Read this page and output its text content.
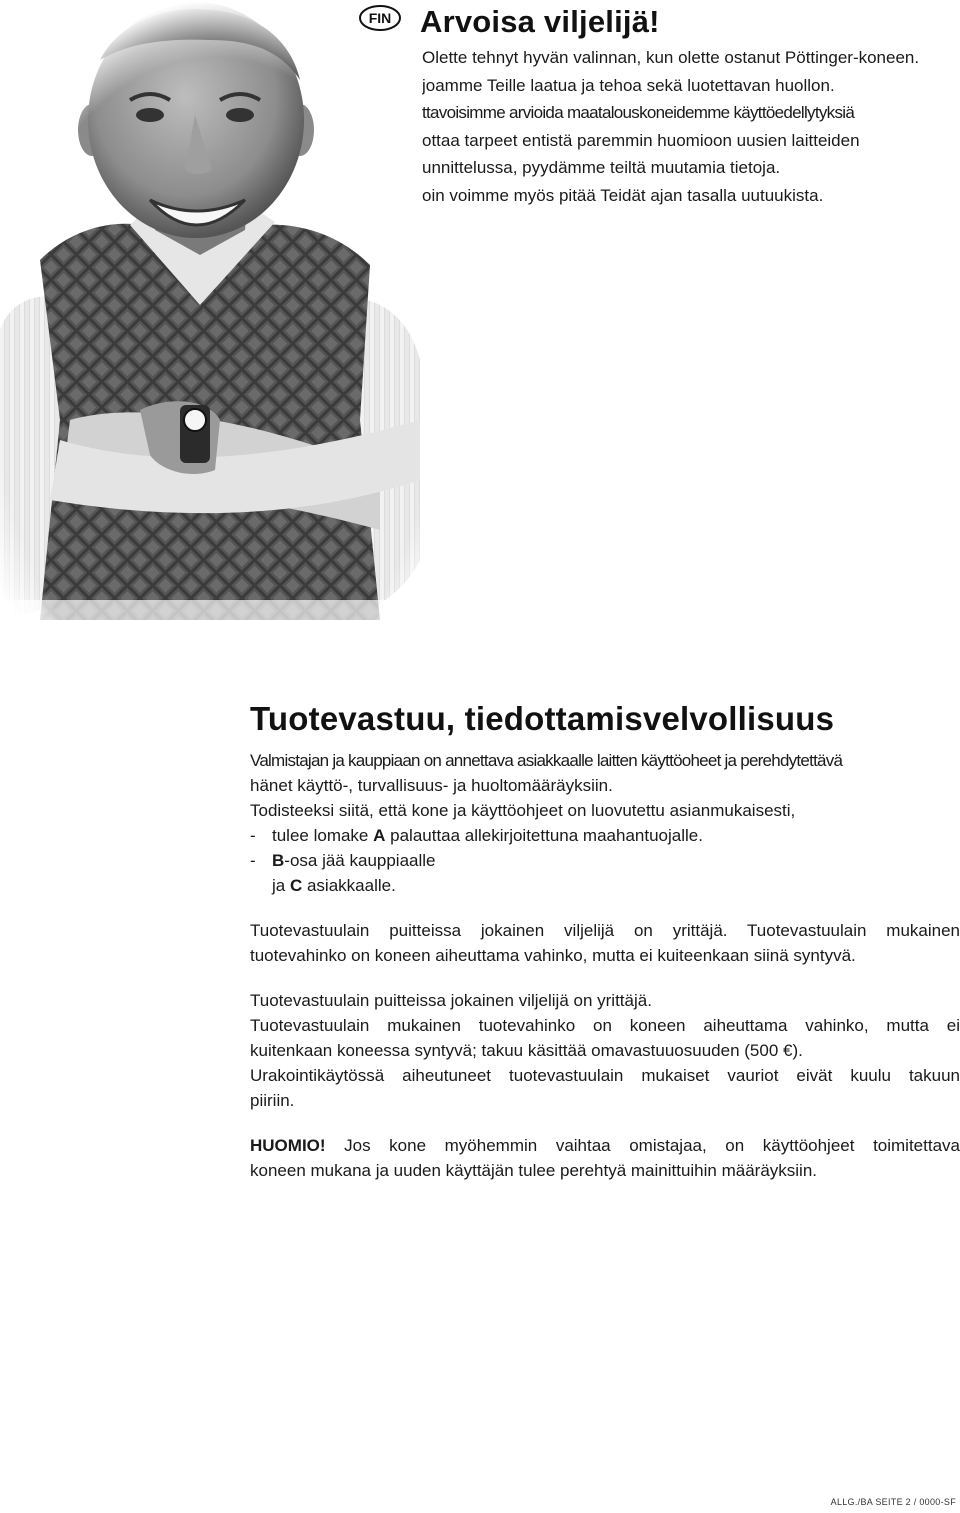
FIN Arvoisa viljelijä!
Olette tehnyt hyvän valinnan, kun olette ostanut Pöttinger-koneen.
joamme Teille laatua ja tehoa sekä luotettavan huollon.
ttavoisimme arvioida maatalouskoneidemme käyttöedellytyksiä
ottaa tarpeet entistä paremmin huomioon uusien laitteiden
unnittelussa, pyydämme teiltä muutamia tietoja.
oin voimme myös pitää Teidät ajan tasalla uutuukista.
Tuotevastuu, tiedottamisvelvollisuus
Valmistajan ja kauppiaan on annettava asiakkaalle laitten käyttöoheet ja perehdytettävä
hänet käyttö-, turvallisuus- ja huoltomääräyksiin.
Todisteeksi siitä, että kone ja käyttöohjeet on luovutettu asianmukaisesti,
- tulee lomake A palauttaa allekirjoitettuna maahantuojalle.
- B-osa jää kauppiaalle
ja C asiakkaalle.
Tuotevastuulain puitteissa jokainen viljelijä on yrittäjä. Tuotevastuulain mukainen
tuotevahinko on koneen aiheuttama vahinko, mutta ei kuiteenkaan siinä syntyvä.
Tuotevastuulain puitteissa jokainen viljelijä on yrittäjä.
Tuotevastuulain mukainen tuotevahinko on koneen aiheuttama vahinko, mutta ei
kuitenkaan koneessa syntyvä; takuu käsittää omavastuuosuuden (500 €).
Urakointikäytössä aiheutuneet tuotevastuulain mukaiset vauriot eivät kuulu takuun
piiriin.
HUOMIO! Jos kone myöhemmin vaihtaa omistajaa, on käyttöohjeet toimitettava
koneen mukana ja uuden käyttäjän tulee perehtyä mainittuihin määräyksiin.
ALLG./BA SEITE 2 / 0000-SF
